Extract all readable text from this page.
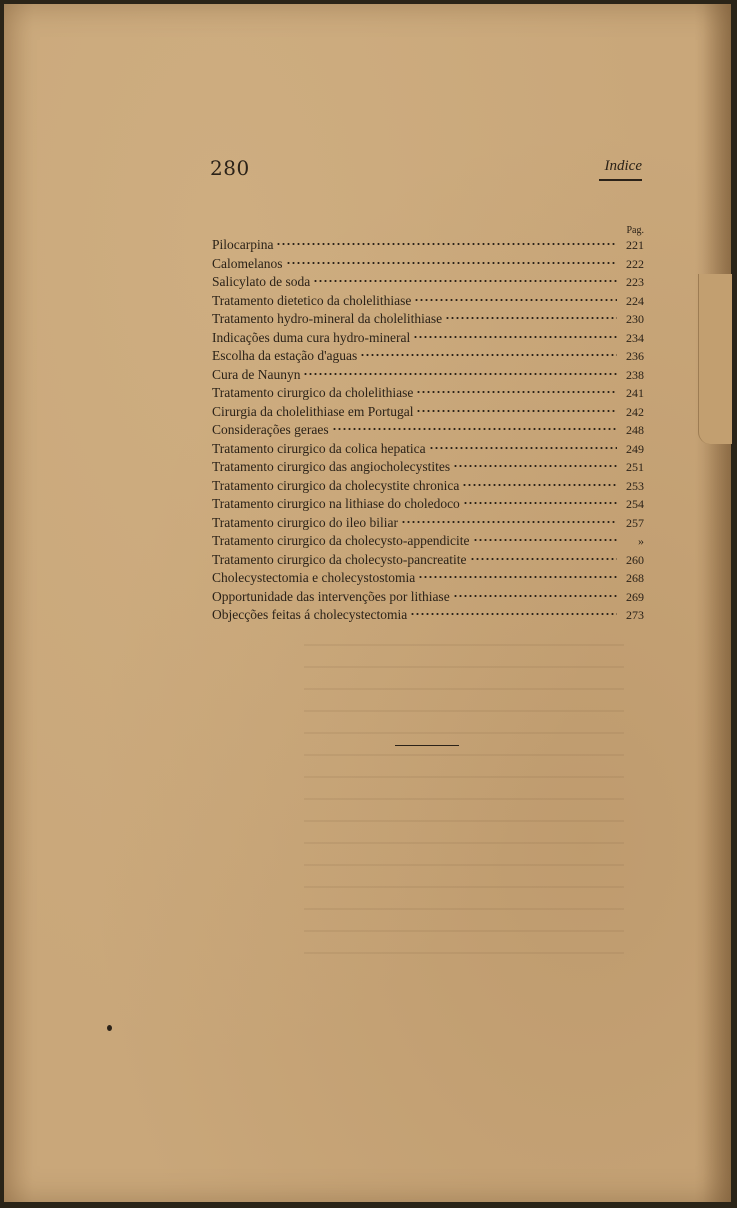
280	Indice
Pag.
Pilocarpina	221
Calomelanos	222
Salicylato de soda	223
Tratamento dietetico da cholelithiase	224
Tratamento hydro-mineral da cholelithiase	230
Indicações duma cura hydro-mineral	234
Escolha da estação d'aguas	236
Cura de Naunyn	238
Tratamento cirurgico da cholelithiase	241
Cirurgia da cholelithiase em Portugal	242
Considerações geraes	248
Tratamento cirurgico da colica hepatica	249
Tratamento cirurgico das angiocholecystites	251
Tratamento cirurgico da cholecystite chronica	253
Tratamento cirurgico na lithiase do choledoco	254
Tratamento cirurgico do ileo biliar	257
Tratamento cirurgico da cholecysto-appendicite	»
Tratamento cirurgico da cholecysto-pancreatite	260
Cholecystectomia e cholecystostomia	268
Opportunidade das intervenções por lithiase	269
Objecções feitas á cholecystectomia	273
